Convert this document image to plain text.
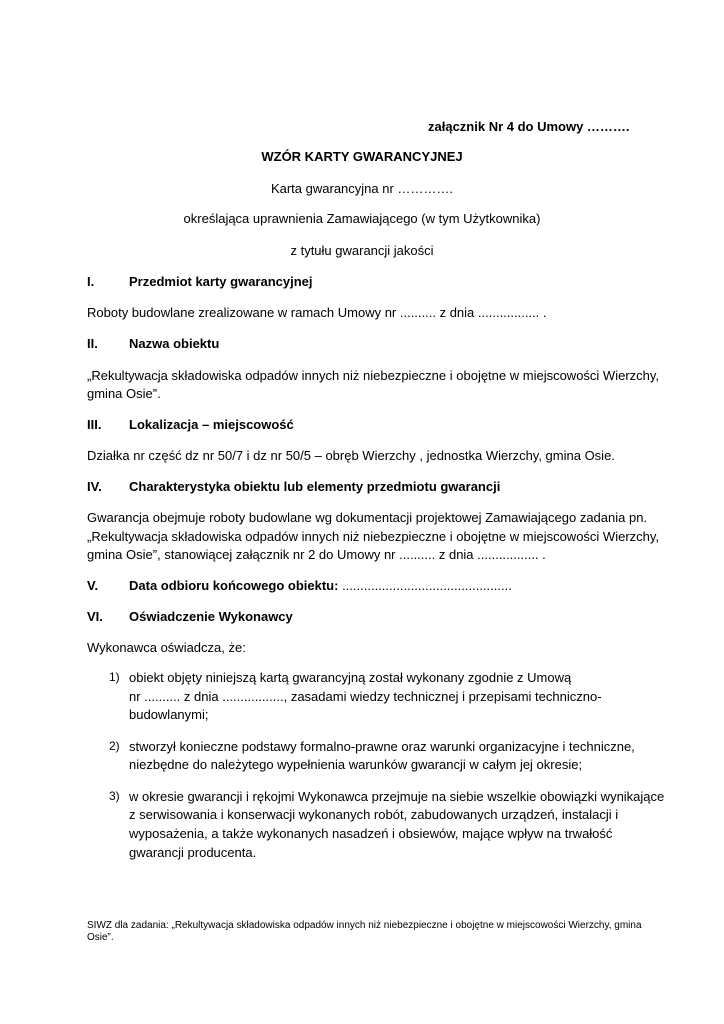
załącznik Nr 4 do Umowy ……….
WZÓR KARTY GWARANCYJNEJ
Karta gwarancyjna nr ………….
określająca uprawnienia Zamawiającego (w tym Użytkownika)
z tytułu gwarancji jakości
I.	Przedmiot karty gwarancyjnej
Roboty budowlane zrealizowane w ramach Umowy nr .......... z dnia ................. .
II. Nazwa obiektu
„Rekultywacja składowiska odpadów innych niż niebezpieczne i obojętne w miejscowości Wierzchy,
gmina Osie”.
III. Lokalizacja – miejscowość
Działka nr część dz nr 50/7 i dz nr 50/5 – obręb Wierzchy , jednostka Wierzchy, gmina Osie.
IV. Charakterystyka obiektu lub elementy przedmiotu gwarancji
Gwarancja obejmuje roboty budowlane wg dokumentacji projektowej Zamawiającego zadania pn.
„Rekultywacja składowiska odpadów innych niż niebezpieczne i obojętne w miejscowości Wierzchy,
gmina Osie”, stanowiącej załącznik nr 2 do Umowy nr .......... z dnia ................. .
V. Data odbioru końcowego obiektu: ...............................................
VI. Oświadczenie Wykonawcy
Wykonawca oświadcza, że:
1) obiekt objęty niniejszą kartą gwarancyjną został wykonany zgodnie z Umową
nr .......... z dnia ................., zasadami wiedzy technicznej i przepisami techniczno-
budowlanymi;
2) stworzył konieczne podstawy formalno-prawne oraz warunki organizacyjne i techniczne,
niezbędne do należytego wypełnienia warunków gwarancji w całym jej okresie;
3) w okresie gwarancji i rękojmi Wykonawca przejmuje na siebie wszelkie obowiązki wynikające
z serwisowania i konserwacji wykonanych robót, zabudowanych urządzeń, instalacji i
wyposażenia, a także wykonanych nasadzeń i obsiewów, mające wpływ na trwałość
gwarancji producenta.
SIWZ dla zadania: „Rekultywacja składowiska odpadów innych niż niebezpieczne i obojętne w miejscowości Wierzchy, gmina Osie”.
